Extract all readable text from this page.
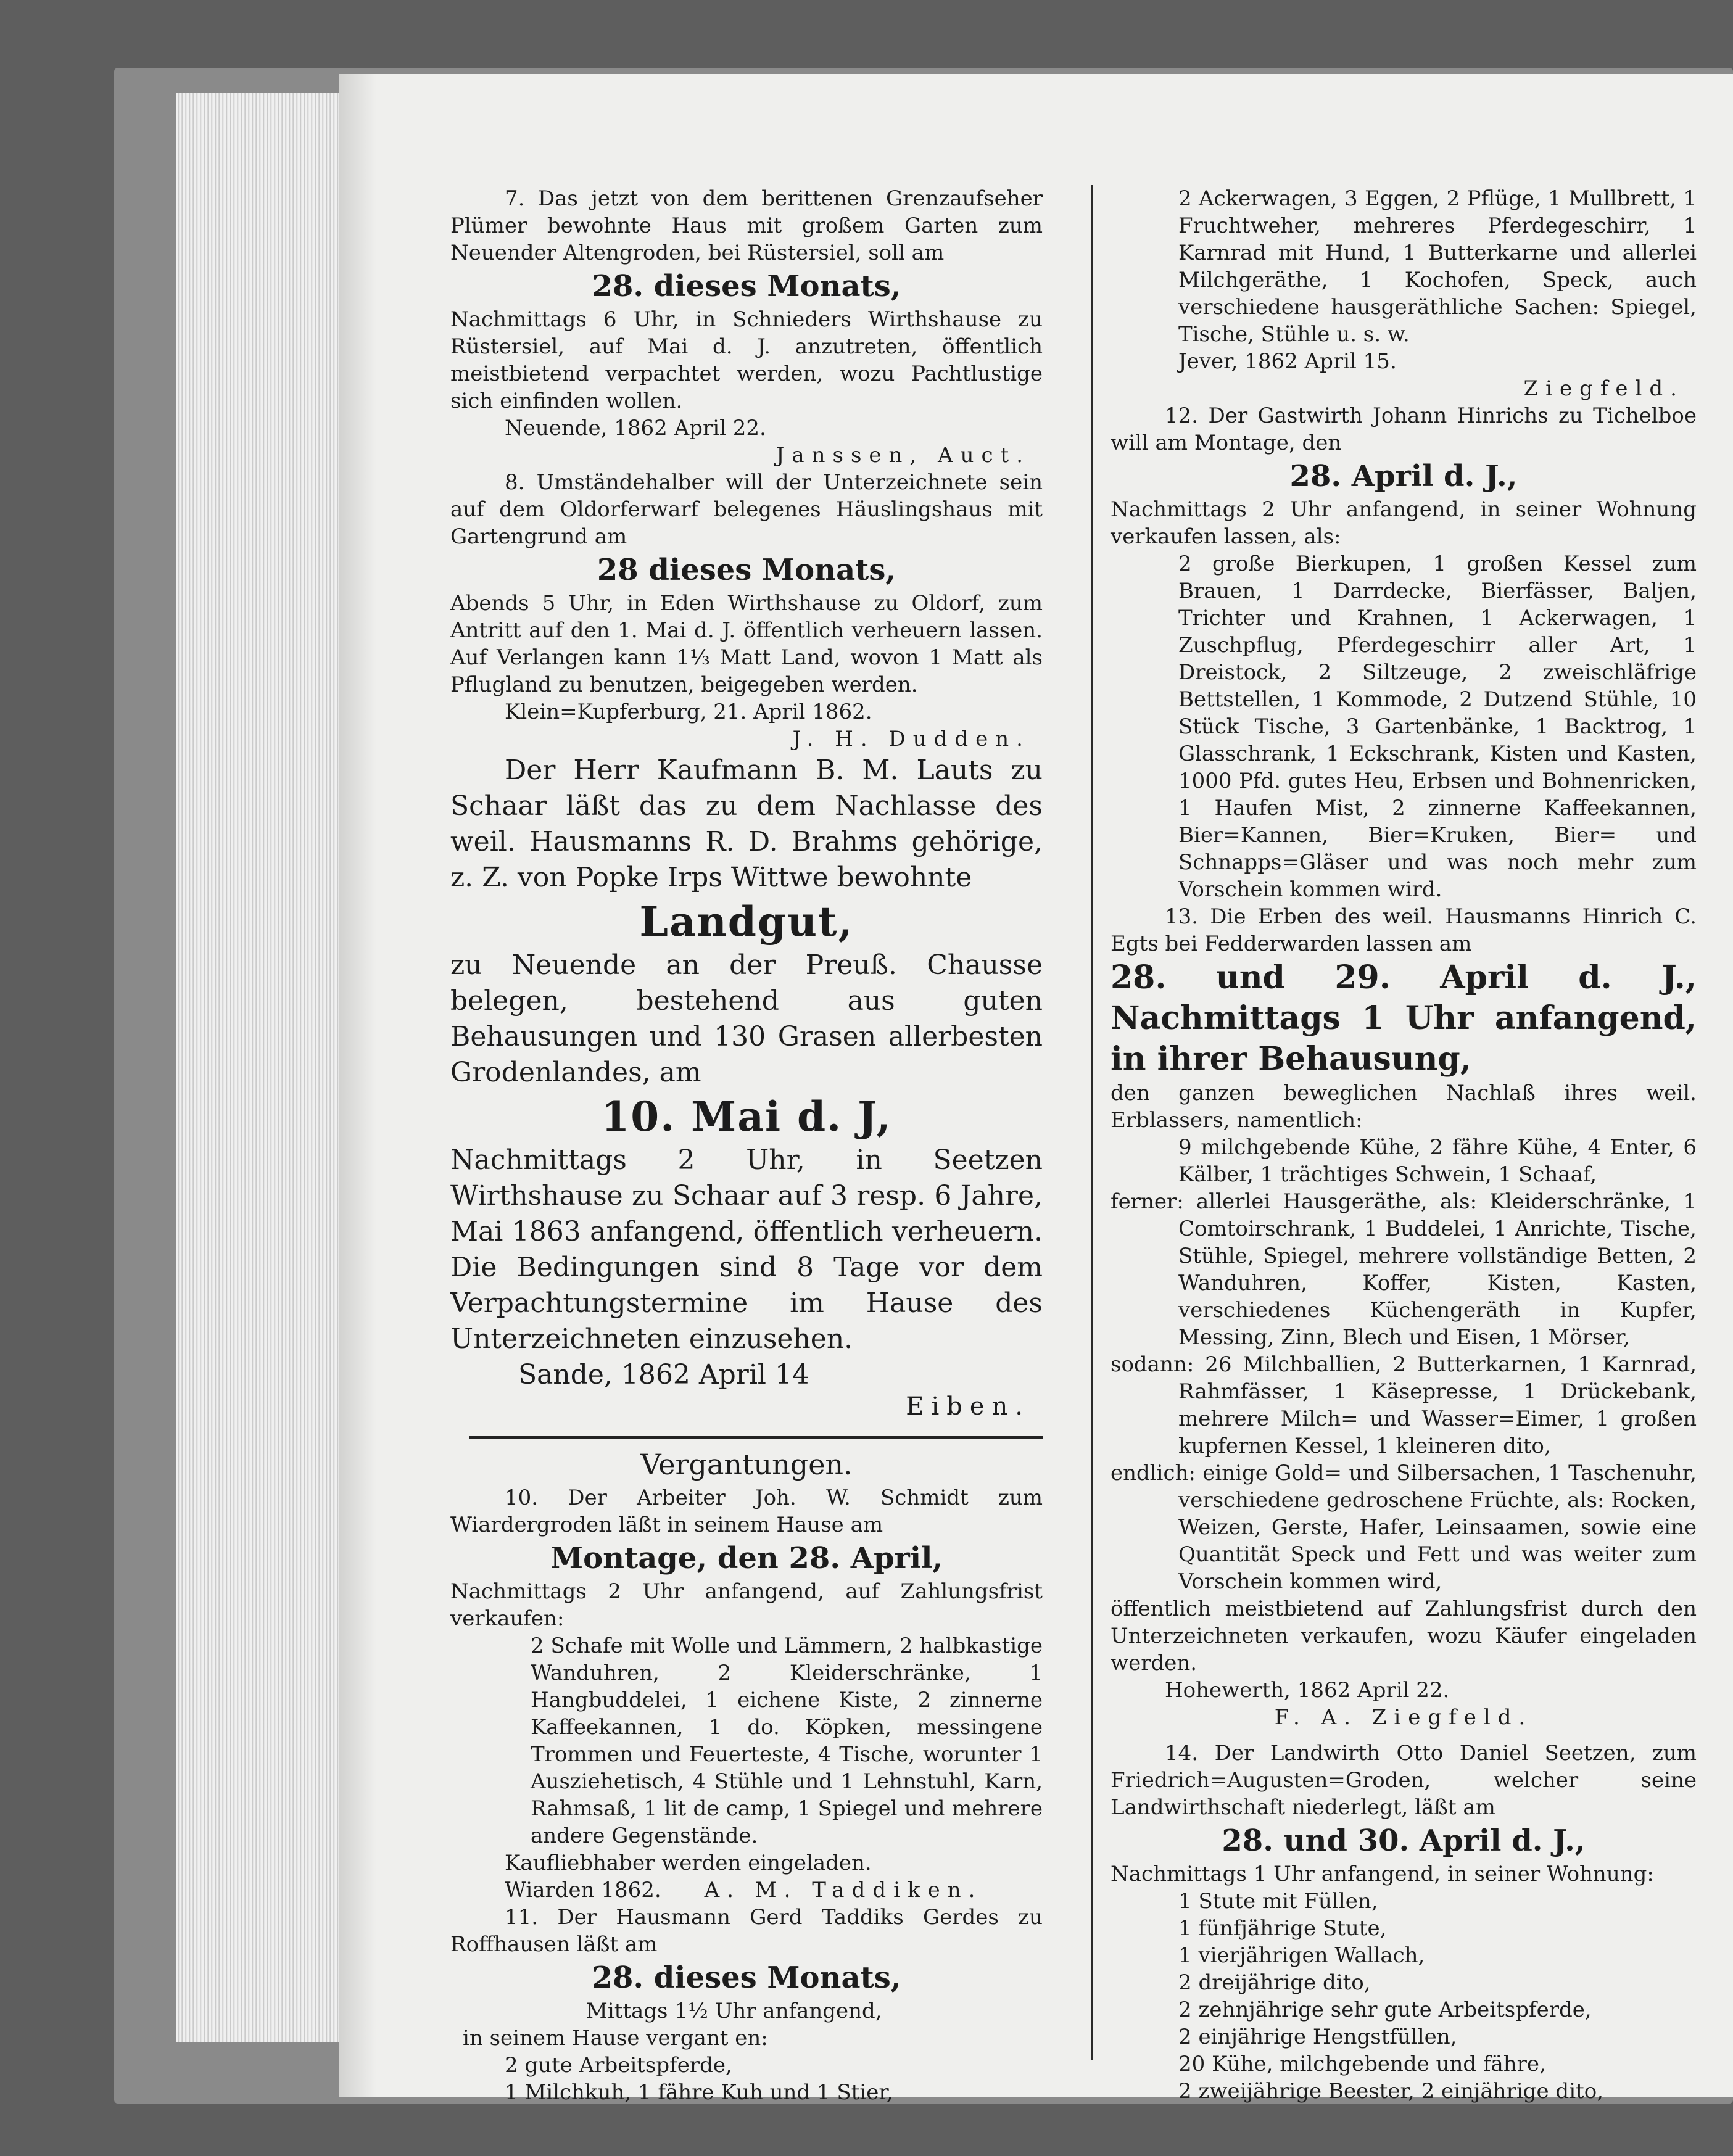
7. Das jetzt von dem berittenen Grenzaufseher Plümer bewohnte Haus mit großem Garten zum Neuender Altengroden, bei Rüstersiel, soll am

28. dieses Monats,

Nachmittags 6 Uhr, in Schnieders Wirthshause zu Rüstersiel, auf Mai d. J. anzutreten, öffentlich meistbietend verpachtet werden, wozu Pachtlustige sich einfinden wollen.

Neuende, 1862 April 22.

Janssen, Auct.

8. Umständehalber will der Unterzeichnete sein auf dem Oldorferwarf belegenes Häuslingshaus mit Gartengrund am

28 dieses Monats,

Abends 5 Uhr, in Eden Wirthshause zu Oldorf, zum Antritt auf den 1. Mai d. J. öffentlich verheuern lassen. Auf Verlangen kann 1⅓ Matt Land, wovon 1 Matt als Pflugland zu benutzen, beigegeben werden.

Klein=Kupferburg, 21. April 1862.

J. H. Dudden.

Der Herr Kaufmann B. M. Lauts zu Schaar läßt das zu dem Nachlasse des weil. Hausmanns R. D. Brahms gehörige, z. Z. von Popke Irps Wittwe bewohnte

Landgut,

zu Neuende an der Preuß. Chausse belegen, bestehend aus guten Behausungen und 130 Grasen allerbesten Grodenlandes, am

10. Mai d. J,

Nachmittags 2 Uhr, in Seetzen Wirthshause zu Schaar auf 3 resp. 6 Jahre, Mai 1863 anfangend, öffentlich verheuern. Die Bedingungen sind 8 Tage vor dem Verpachtungstermine im Hause des Unterzeichneten einzusehen.

Sande, 1862 April 14

Eiben.

Vergantungen.

10. Der Arbeiter Joh. W. Schmidt zum Wiardergroden läßt in seinem Hause am

Montage, den 28. April,

Nachmittags 2 Uhr anfangend, auf Zahlungsfrist verkaufen:

2 Schafe mit Wolle und Lämmern, 2 halbkastige Wanduhren, 2 Kleiderschränke, 1 Hangbuddelei, 1 eichene Kiste, 2 zinnerne Kaffeekannen, 1 do. Köpken, messingene Trommen und Feuerteste, 4 Tische, worunter 1 Ausziehetisch, 4 Stühle und 1 Lehnstuhl, Karn, Rahmsaß, 1 lit de camp, 1 Spiegel und mehrere andere Gegenstände.

Kaufliebhaber werden eingeladen.

Wiarden 1862. A. M. Taddiken.

11. Der Hausmann Gerd Taddiks Gerdes zu Roffhausen läßt am

28. dieses Monats,

Mittags 1½ Uhr anfangend,

in seinem Hause vergant en:

2 gute Arbeitspferde,

1 Milchkuh, 1 fähre Kuh und 1 Stier,

2 Ackerwagen, 3 Eggen, 2 Pflüge, 1 Mullbrett, 1 Fruchtweher, mehreres Pferdegeschirr, 1 Karnrad mit Hund, 1 Butterkarne und allerlei Milchgeräthe, 1 Kochofen, Speck, auch verschiedene hausgeräthliche Sachen: Spiegel, Tische, Stühle u. s. w.

Jever, 1862 April 15.

Ziegfeld.

12. Der Gastwirth Johann Hinrichs zu Tichelboe will am Montage, den

28. April d. J.,

Nachmittags 2 Uhr anfangend, in seiner Wohnung verkaufen lassen, als:

2 große Bierkupen, 1 großen Kessel zum Brauen, 1 Darrdecke, Bierfässer, Baljen, Trichter und Krahnen, 1 Ackerwagen, 1 Zuschpflug, Pferdegeschirr aller Art, 1 Dreistock, 2 Siltzeuge, 2 zweischläfrige Bettstellen, 1 Kommode, 2 Dutzend Stühle, 10 Stück Tische, 3 Gartenbänke, 1 Backtrog, 1 Glasschrank, 1 Eckschrank, Kisten und Kasten, 1000 Pfd. gutes Heu, Erbsen und Bohnenricken, 1 Haufen Mist, 2 zinnerne Kaffeekannen, Bier=Kannen, Bier=Kruken, Bier= und Schnapps=Gläser und was noch mehr zum Vorschein kommen wird.

13. Die Erben des weil. Hausmanns Hinrich C. Egts bei Fedderwarden lassen am

28. und 29. April d. J., Nachmittags 1 Uhr anfangend, in ihrer Behausung,

den ganzen beweglichen Nachlaß ihres weil. Erblassers, namentlich:

9 milchgebende Kühe, 2 fähre Kühe, 4 Enter, 6 Kälber, 1 trächtiges Schwein, 1 Schaaf,

ferner: allerlei Hausgeräthe, als: Kleiderschränke, 1 Comtoirschrank, 1 Buddelei, 1 Anrichte, Tische, Stühle, Spiegel, mehrere vollständige Betten, 2 Wanduhren, Koffer, Kisten, Kasten, verschiedenes Küchengeräth in Kupfer, Messing, Zinn, Blech und Eisen, 1 Mörser,

sodann: 26 Milchballien, 2 Butterkarnen, 1 Karnrad, Rahmfässer, 1 Käsepresse, 1 Drückebank, mehrere Milch= und Wasser=Eimer, 1 großen kupfernen Kessel, 1 kleineren dito,

endlich: einige Gold= und Silbersachen, 1 Taschenuhr, verschiedene gedroschene Früchte, als: Rocken, Weizen, Gerste, Hafer, Leinsaamen, sowie eine Quantität Speck und Fett und was weiter zum Vorschein kommen wird,

öffentlich meistbietend auf Zahlungsfrist durch den Unterzeichneten verkaufen, wozu Käufer eingeladen werden.

Hohewerth, 1862 April 22.

F. A. Ziegfeld.

14. Der Landwirth Otto Daniel Seetzen, zum Friedrich=Augusten=Groden, welcher seine Landwirthschaft niederlegt, läßt am

28. und 30. April d. J.,

Nachmittags 1 Uhr anfangend, in seiner Wohnung:

1 Stute mit Füllen,

1 fünfjährige Stute,

1 vierjährigen Wallach,

2 dreijährige dito,

2 zehnjährige sehr gute Arbeitspferde,

2 einjährige Hengstfüllen,

20 Kühe, milchgebende und fähre,

2 zweijährige Beester, 2 einjährige dito,
